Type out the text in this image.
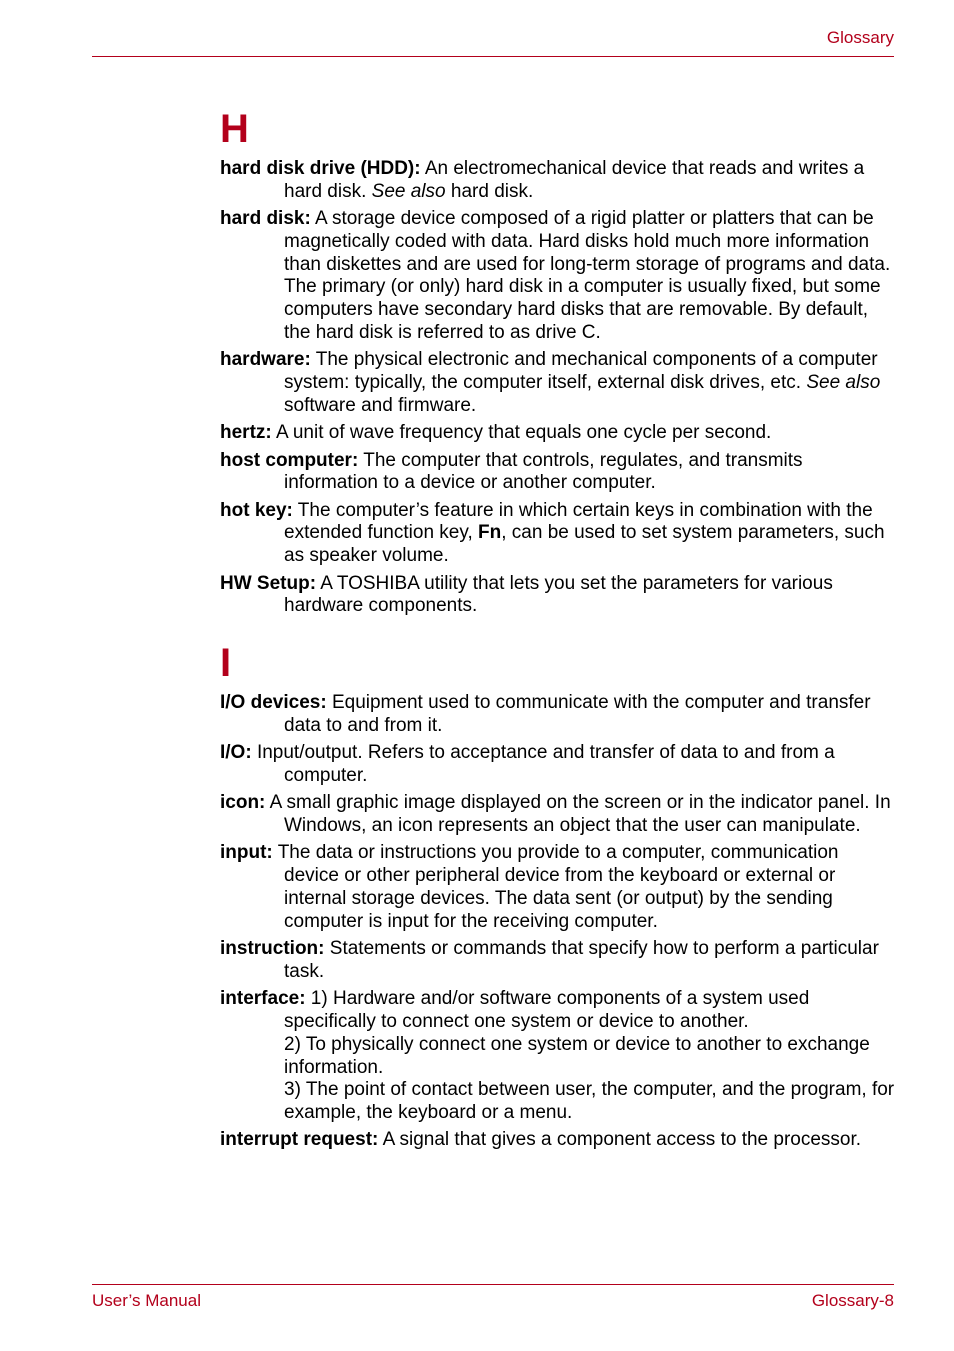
Glossary
H
hard disk drive (HDD): An electromechanical device that reads and writes a hard disk. See also hard disk.
hard disk: A storage device composed of a rigid platter or platters that can be magnetically coded with data. Hard disks hold much more information than diskettes and are used for long-term storage of programs and data. The primary (or only) hard disk in a computer is usually fixed, but some computers have secondary hard disks that are removable. By default, the hard disk is referred to as drive C.
hardware: The physical electronic and mechanical components of a computer system: typically, the computer itself, external disk drives, etc. See also software and firmware.
hertz: A unit of wave frequency that equals one cycle per second.
host computer: The computer that controls, regulates, and transmits information to a device or another computer.
hot key: The computer’s feature in which certain keys in combination with the extended function key, Fn, can be used to set system parameters, such as speaker volume.
HW Setup: A TOSHIBA utility that lets you set the parameters for various hardware components.
I
I/O devices: Equipment used to communicate with the computer and transfer data to and from it.
I/O: Input/output. Refers to acceptance and transfer of data to and from a computer.
icon: A small graphic image displayed on the screen or in the indicator panel. In Windows, an icon represents an object that the user can manipulate.
input: The data or instructions you provide to a computer, communication device or other peripheral device from the keyboard or external or internal storage devices. The data sent (or output) by the sending computer is input for the receiving computer.
instruction: Statements or commands that specify how to perform a particular task.
interface: 1) Hardware and/or software components of a system used specifically to connect one system or device to another.
2) To physically connect one system or device to another to exchange information.
3) The point of contact between user, the computer, and the program, for example, the keyboard or a menu.
interrupt request: A signal that gives a component access to the processor.
User’s Manual	Glossary-8
